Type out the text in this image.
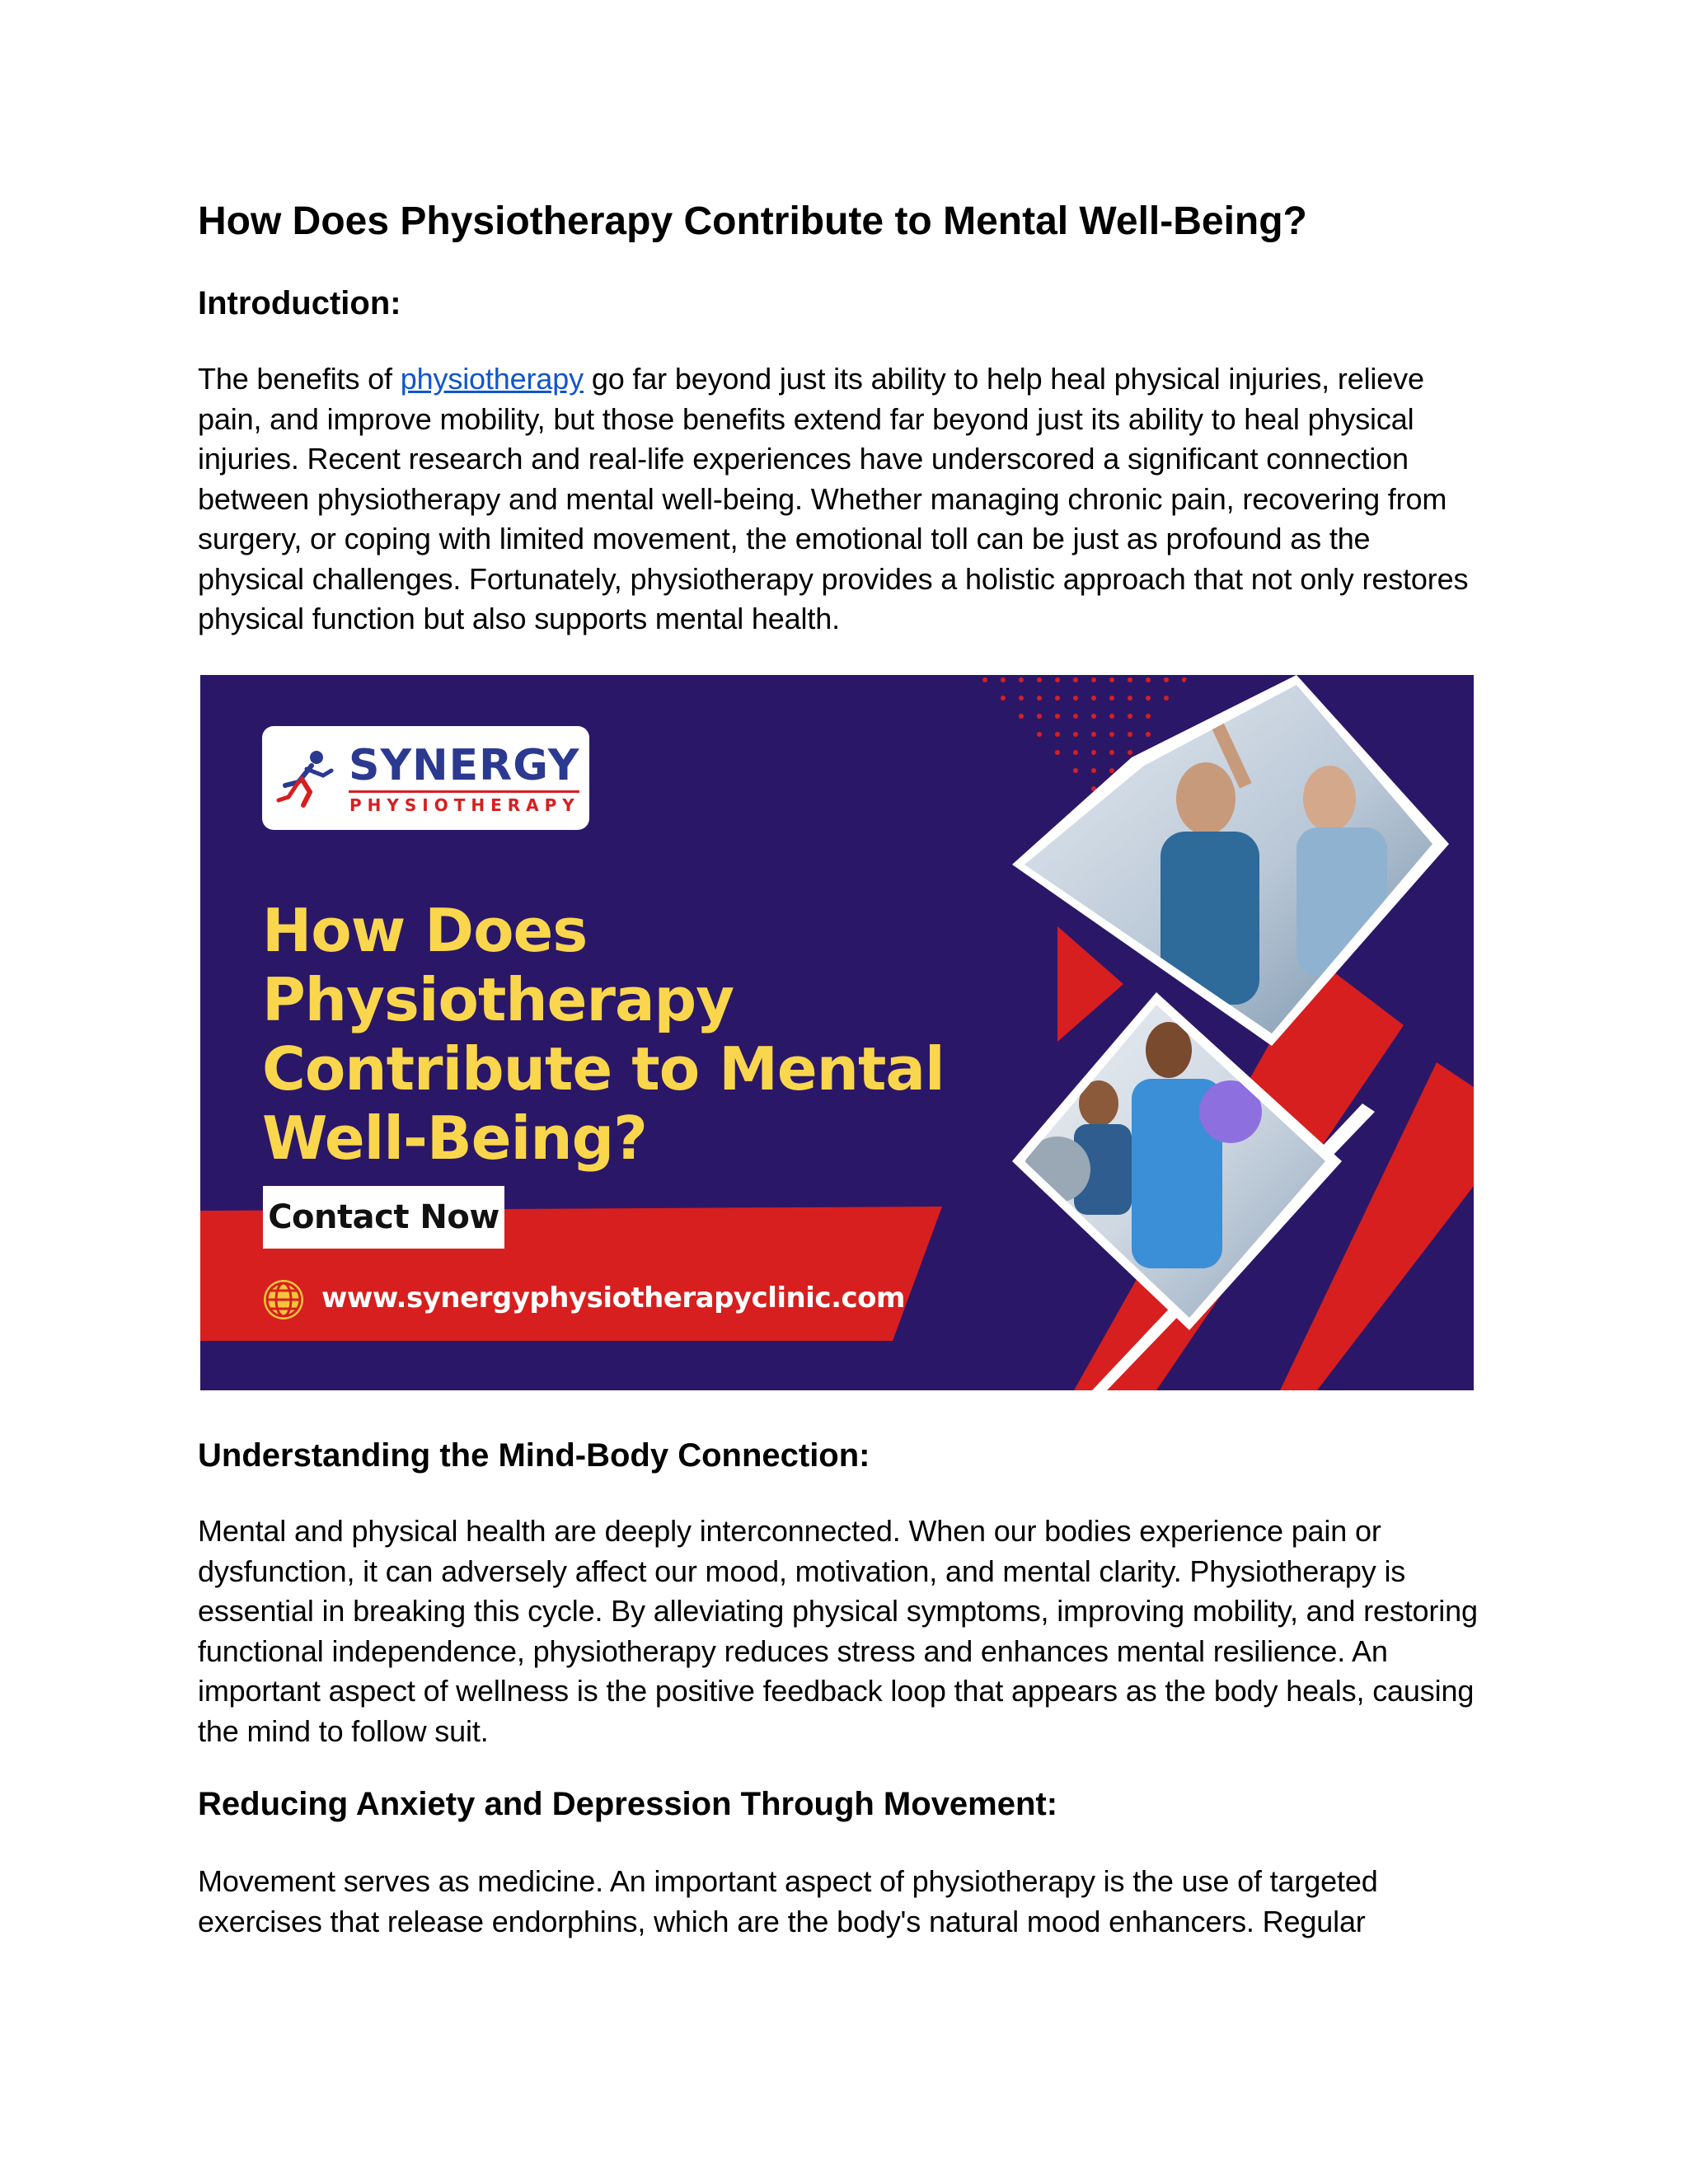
How Does Physiotherapy Contribute to Mental Well-Being?
Introduction:

The benefits of physiotherapy go far beyond just its ability to help heal physical injuries, relieve pain, and improve mobility, but those benefits extend far beyond just its ability to heal physical injuries. Recent research and real-life experiences have underscored a significant connection between physiotherapy and mental well-being. Whether managing chronic pain, recovering from surgery, or coping with limited movement, the emotional toll can be just as profound as the physical challenges. Fortunately, physiotherapy provides a holistic approach that not only restores physical function but also supports mental health.

SYNERGY
PHYSIOTHERAPY
How Does Physiotherapy Contribute to Mental Well-Being?
Contact Now
www.synergyphysiotherapyclinic.com
Understanding the Mind-Body Connection:

Mental and physical health are deeply interconnected. When our bodies experience pain or dysfunction, it can adversely affect our mood, motivation, and mental clarity. Physiotherapy is essential in breaking this cycle. By alleviating physical symptoms, improving mobility, and restoring functional independence, physiotherapy reduces stress and enhances mental resilience. An important aspect of wellness is the positive feedback loop that appears as the body heals, causing the mind to follow suit.

Reducing Anxiety and Depression Through Movement:

Movement serves as medicine. An important aspect of physiotherapy is the use of targeted exercises that release endorphins, which are the body's natural mood enhancers. Regular
